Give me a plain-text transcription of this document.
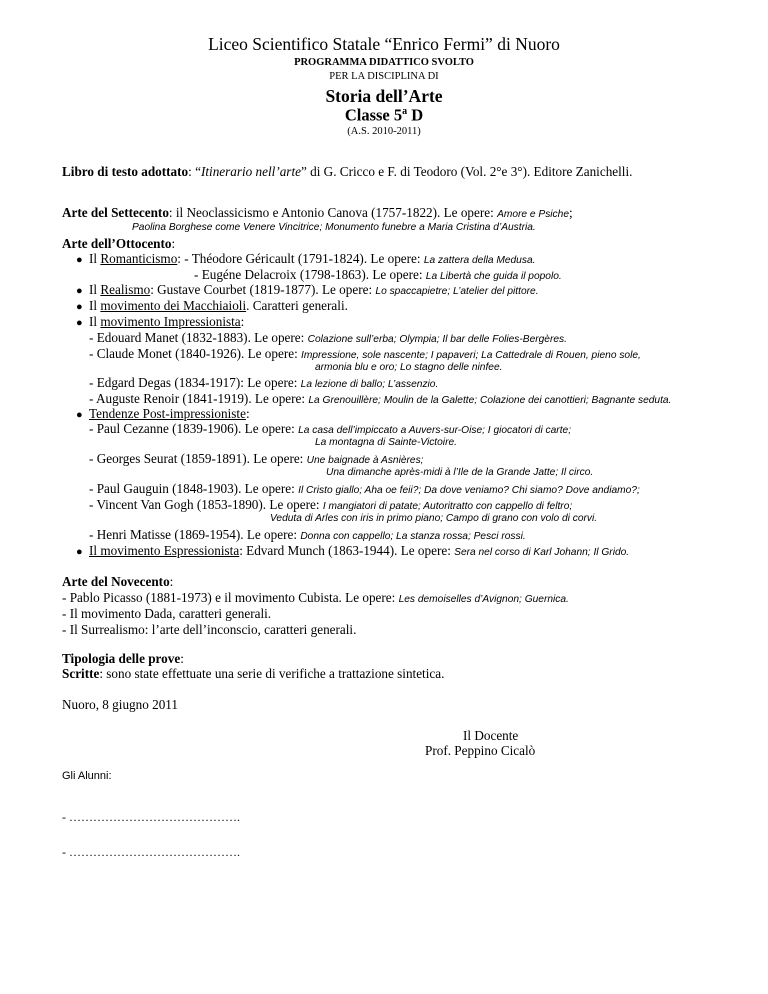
Liceo Scientifico Statale “Enrico Fermi” di Nuoro
PROGRAMMA DIDATTICO SVOLTO
PER LA DISCIPLINA DI
Storia dell’Arte
Classe 5$^a$ D
(A.S. 2010-2011)
Libro di testo adottato: “Itinerario nell’arte” di G. Cricco e F. di Teodoro (Vol. 2°e 3°). Editore Zanichelli.
Arte del Settecento: il Neoclassicismo e Antonio Canova (1757-1822). Le opere: Amore e Psiche;
Paolina Borghese come Venere Vincitrice; Monumento funebre a Maria Cristina d’Austria.
Arte dell’Ottocento:
● Il Romanticismo: - Théodore Géricault (1791-1824). Le opere: La zattera della Medusa.
- Eugéne Delacroix (1798-1863). Le opere: La Libertà che guida il popolo.
● Il Realismo: Gustave Courbet (1819-1877). Le opere: Lo spaccapietre; L’atelier del pittore.
● Il movimento dei Macchiaioli. Caratteri generali.
● Il movimento Impressionista:
- Edouard Manet (1832-1883). Le opere: Colazione sull’erba; Olympia; Il bar delle Folies-Bergères.
- Claude Monet (1840-1926). Le opere: Impressione, sole nascente; I papaveri; La Cattedrale di Rouen, pieno sole,
armonia blu e oro; Lo stagno delle ninfee.
- Edgard Degas (1834-1917): Le opere: La lezione di ballo; L’assenzio.
- Auguste Renoir (1841-1919). Le opere: La Grenouillère; Moulin de la Galette; Colazione dei canottieri; Bagnante seduta.
● Tendenze Post-impressioniste:
- Paul Cezanne (1839-1906). Le opere: La casa dell’impiccato a Auvers-sur-Oise; I giocatori di carte;
La montagna di Sainte-Victoire.
- Georges Seurat (1859-1891). Le opere: Une baignade à Asnières;
Una dimanche après-midi à l’Ile de la Grande Jatte; Il circo.
- Paul Gauguin (1848-1903). Le opere: Il Cristo giallo; Aha oe feii?; Da dove veniamo? Chi siamo? Dove andiamo?;
- Vincent Van Gogh (1853-1890). Le opere: I mangiatori di patate; Autoritratto con cappello di feltro;
Veduta di Arles con iris in primo piano; Campo di grano con volo di corvi.
- Henri Matisse (1869-1954). Le opere: Donna con cappello; La stanza rossa; Pesci rossi.
● Il movimento Espressionista: Edvard Munch (1863-1944). Le opere: Sera nel corso di Karl Johann; Il Grido.
Arte del Novecento:
- Pablo Picasso (1881-1973) e il movimento Cubista. Le opere: Les demoiselles d’Avignon; Guernica.
- Il movimento Dada, caratteri generali.
- Il Surrealismo: l’arte dell’inconscio, caratteri generali.
Tipologia delle prove:
Scritte: sono state effettuate una serie di verifiche a trattazione sintetica.
Nuoro, 8 giugno 2011
Il Docente
Prof. Peppino Cicalò
Gli Alunni:
- …………………………………….
- …………………………………….
